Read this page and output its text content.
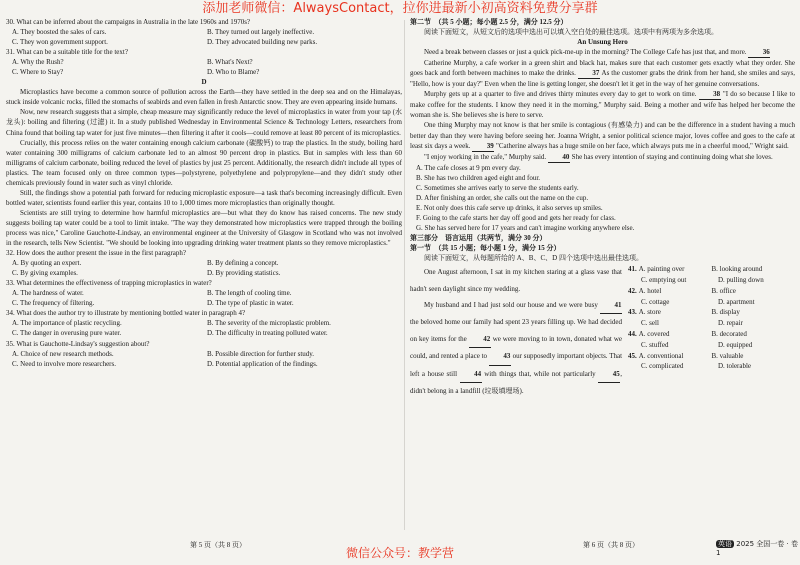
添加老师微信：AlwaysContact，拉你进最新小初高资料免费分享群

30. What can be inferred about the campaigns in Australia in the late 1960s and 1970s?

A. They boosted the sales of cars.	B. They turned out largely ineffective.
C. They won government support.	D. They advocated building new parks.

31. What can be a suitable title for the text?

A. Why the Rush?	B. What's Next?
C. Where to Stay?	D. Who to Blame?

D

Microplastics have become a common source of pollution across the Earth—they have settled in the deep sea and on the Himalayas, stuck inside volcanic rocks, filled the stomachs of seabirds and even fallen in fresh Antarctic snow. They are even appearing inside humans.

Now, new research suggests that a simple, cheap measure may significantly reduce the level of microplastics in water from your tap (水龙头): boiling and filtering (过滤) it. In a study published Wednesday in Environmental Science & Technology Letters, researchers from China found that boiling tap water for just five minutes—then filtering it after it cools—could remove at least 80 percent of its microplastics.

Crucially, this process relies on the water containing enough calcium carbonate (碳酸钙) to trap the plastics. In the study, boiling hard water containing 300 milligrams of calcium carbonate led to an almost 90 percent drop in plastics. But in samples with less than 60 milligrams of calcium carbonate, boiling reduced the level of plastics by just 25 percent. Additionally, the research didn't include all types of plastics. The team focused only on three common types—polystyrene, polyethylene and polypropylene—and they didn't study other chemicals previously found in water such as vinyl chloride.

Still, the findings show a potential path forward for reducing microplastic exposure—a task that's becoming increasingly difficult. Even bottled water, scientists found earlier this year, contains 10 to 1,000 times more microplastics than originally thought.

Scientists are still trying to determine how harmful microplastics are—but what they do know has raised concerns. The new study suggests boiling tap water could be a tool to limit intake. "The way they demonstrated how microplastics were trapped through the boiling process was nice," Caroline Gauchotte-Lindsay, an environmental engineer at the University of Glasgow in Scotland who was not involved in the research, tells New Scientist. "We should be looking into upgrading drinking water treatment plants so they remove microplastics."

32. How does the author present the issue in the first paragraph?

A. By quoting an expert.	B. By defining a concept.
C. By giving examples.	D. By providing statistics.

33. What determines the effectiveness of trapping microplastics in water?

A. The hardness of water.	B. The length of cooling time.
C. The frequency of filtering.	D. The type of plastic in water.

34. What does the author try to illustrate by mentioning bottled water in paragraph 4?

A. The importance of plastic recycling.	B. The severity of the microplastic problem.
C. The danger in overusing pure water.	D. The difficulty in treating polluted water.

35. What is Gauchotte-Lindsay's suggestion about?

A. Choice of new research methods.	B. Possible direction for further study.
C. Need to involve more researchers.	D. Potential application of the findings.

第二节　（共 5 小题；每小题 2.5 分，满分 12.5 分）

阅读下面短文，从短文后的选项中选出可以填入空白处的最佳选项。选项中有两项为多余选项。

An Unsung Hero

Need a break between classes or just a quick pick-me-up in the morning? The College Cafe has just that, and more. 36

Catherine Murphy, a cafe worker in a green shirt and black hat, makes sure that each customer gets exactly what they order. She goes back and forth between machines to make the drinks. 37 As the customer grabs the drink from her hand, she smiles and says, "Hello, how is your day?" Even when the line is getting longer, she doesn't let it get in the way of her genuine conversations.

Murphy gets up at a quarter to five and drives thirty minutes every day to get to work on time. 38 "I do so because I like to make coffee for the students. I know they need it in the morning," Murphy said. Being a mother and wife has helped her become the woman she is. She believes she is here to serve.

One thing Murphy may not know is that her smile is contagious (有感染力) and can be the difference in a student having a much better day than they were having before seeing her. Joanna Wright, a senior political science major, loves coffee and goes to the cafe at least six days a week. 39 "Catherine always has a huge smile on her face, which always puts me in a cheerful mood," Wright said.

"I enjoy working in the cafe," Murphy said. 40 She has every intention of staying and continuing doing what she loves.

A. The cafe closes at 9 pm every day.

B. She has two children aged eight and four.

C. Sometimes she arrives early to serve the students early.

D. After finishing an order, she calls out the name on the cup.

E. Not only does this cafe serve up drinks, it also serves up smiles.

F. Going to the cafe starts her day off good and gets her ready for class.

G. She has served here for 17 years and can't imagine working anywhere else.

第三部分　语言运用（共两节，满分 30 分）

第一节　（共 15 小题；每小题 1 分，满分 15 分）

阅读下面短文，从每题所给的 A、B、C、D 四个选项中选出最佳选项。

One August afternoon, I sat in my kitchen staring at a glass vase that hadn't seen daylight since my wedding.

My husband and I had just sold our house and we were busy 41 the beloved home our family had spent 23 years filling up. We had decided on key items for the 42 we were moving to in town, donated what we could, and rented a place to 43 our supposedly important objects. That left a house still 44 with things that, while not particularly 45, didn't belong in a landfill (垃圾填埋场).

41. A. painting over	B. looking around
C. emptying out	D. pulling down
42. A. hotel	B. office
C. cottage	D. apartment
43. A. store	B. display
C. sell	D. repair
44. A. covered	B. decorated
C. stuffed	D. equipped
45. A. conventional	B. valuable
C. complicated	D. tolerable
第 5 页（共 8 页）	第 6 页（共 8 页）	英语 2025 全国一卷 · 卷 1
微信公众号：教学营
